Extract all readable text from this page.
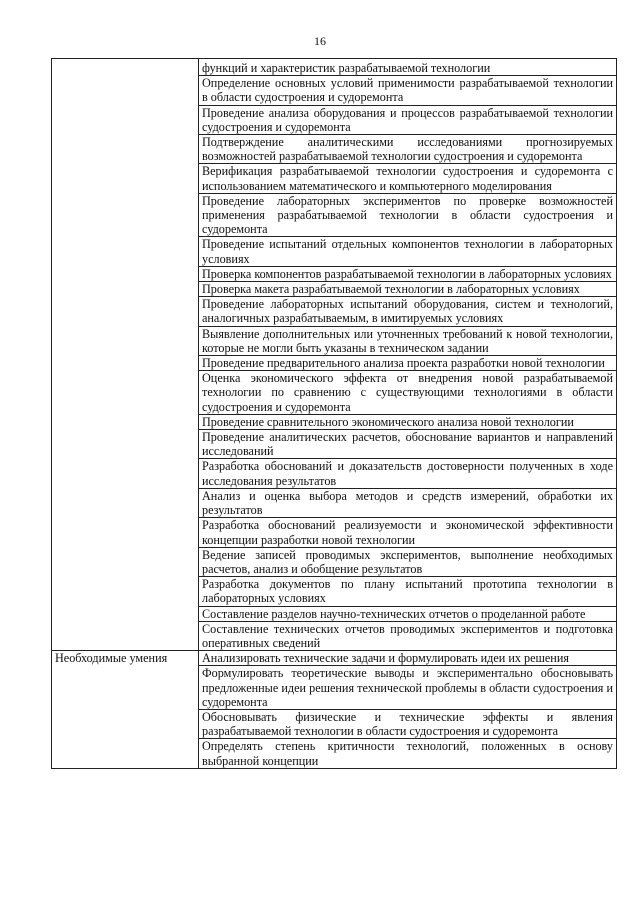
16
	функций и характеристик разрабатываемой технологии
	Определение основных условий применимости разрабатываемой технологии в области судостроения и судоремонта
	Проведение анализа оборудования и процессов разрабатываемой технологии судостроения и судоремонта
	Подтверждение аналитическими исследованиями прогнозируемых возможностей разрабатываемой технологии судостроения и судоремонта
	Верификация разрабатываемой технологии судостроения и судоремонта с использованием математического и компьютерного моделирования
	Проведение лабораторных экспериментов по проверке возможностей применения разрабатываемой технологии в области судостроения и судоремонта
	Проведение испытаний отдельных компонентов технологии в лабораторных условиях
	Проверка компонентов разрабатываемой технологии в лабораторных условиях
	Проверка макета разрабатываемой технологии в лабораторных условиях
	Проведение лабораторных испытаний оборудования, систем и технологий, аналогичных разрабатываемым, в имитируемых условиях
	Выявление дополнительных или уточненных требований к новой технологии, которые не могли быть указаны в техническом задании
	Проведение предварительного анализа проекта разработки новой технологии
	Оценка экономического эффекта от внедрения новой разрабатываемой технологии по сравнению с существующими технологиями в области судостроения и судоремонта
	Проведение сравнительного экономического анализа новой технологии
	Проведение аналитических расчетов, обоснование вариантов и направлений исследований
	Разработка обоснований и доказательств достоверности полученных в ходе исследования результатов
	Анализ и оценка выбора методов и средств измерений, обработки их результатов
	Разработка обоснований реализуемости и экономической эффективности концепции разработки новой технологии
	Ведение записей проводимых экспериментов, выполнение необходимых расчетов, анализ и обобщение результатов
	Разработка документов по плану испытаний прототипа технологии в лабораторных условиях
	Составление разделов научно-технических отчетов о проделанной работе
	Составление технических отчетов проводимых экспериментов и подготовка оперативных сведений
Необходимые умения	Анализировать технические задачи и формулировать идеи их решения
	Формулировать теоретические выводы и экспериментально обосновывать предложенные идеи решения технической проблемы в области судостроения и судоремонта
	Обосновывать физические и технические эффекты и явления разрабатываемой технологии в области судостроения и судоремонта
	Определять степень критичности технологий, положенных в основу выбранной концепции
